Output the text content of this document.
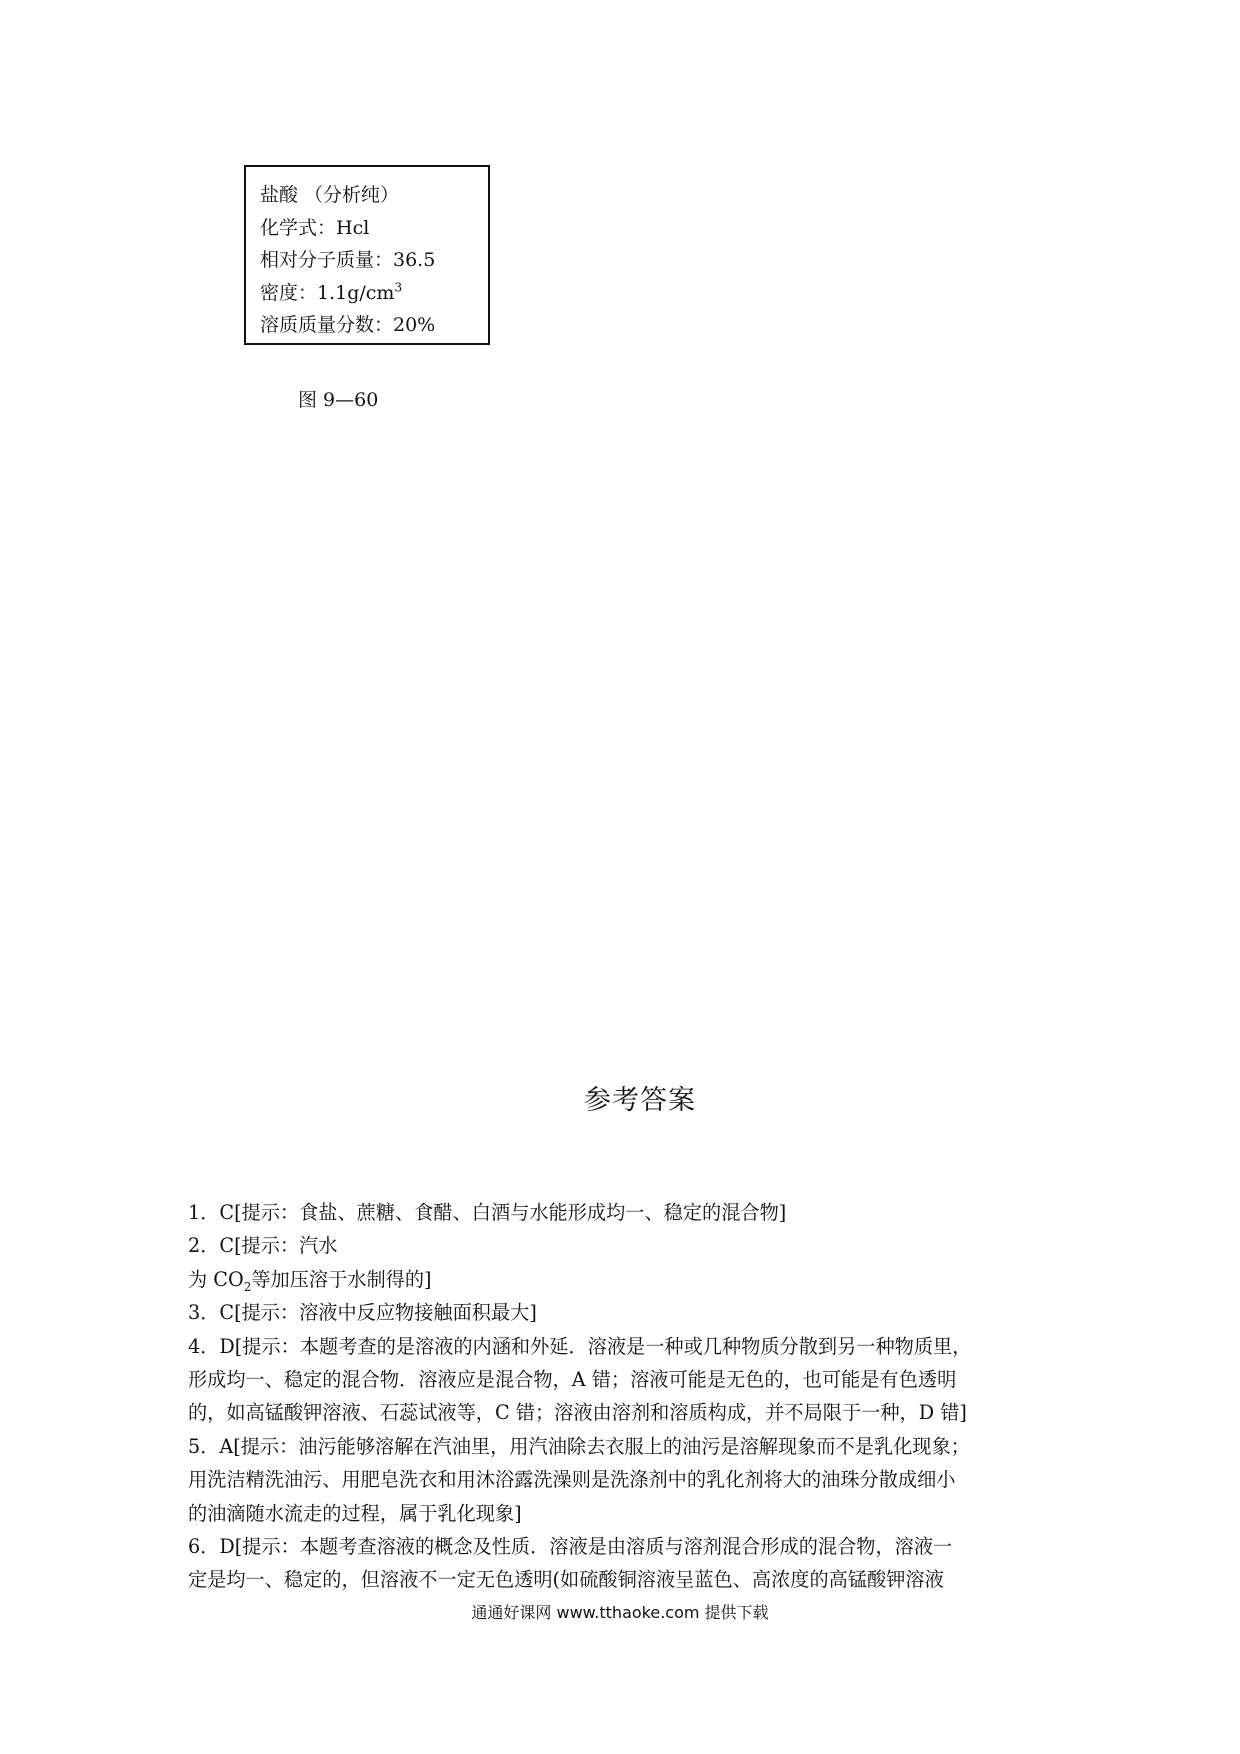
盐酸 （分析纯）
化学式：Hcl
相对分子质量：36.5
密度：$1.1g/cm^3$
溶质质量分数：20%
图 9—60
参考答案
1．C[提示：食盐、蔗糖、食醋、白酒与水能形成均一、稳定的混合物]
2．C[提示：汽水
为 $CO_2$等加压溶于水制得的]
3．C[提示：溶液中反应物接触面积最大]
4．D[提示：本题考查的是溶液的内涵和外延．溶液是一种或几种物质分散到另一种物质里，
形成均一、稳定的混合物．溶液应是混合物，A 错；溶液可能是无色的，也可能是有色透明
的，如高锰酸钾溶液、石蕊试液等，C 错；溶液由溶剂和溶质构成，并不局限于一种，D 错]
5．A[提示：油污能够溶解在汽油里，用汽油除去衣服上的油污是溶解现象而不是乳化现象；
用洗洁精洗油污、用肥皂洗衣和用沐浴露洗澡则是洗涤剂中的乳化剂将大的油珠分散成细小
的油滴随水流走的过程，属于乳化现象]
6．D[提示：本题考查溶液的概念及性质．溶液是由溶质与溶剂混合形成的混合物，溶液一
定是均一、稳定的，但溶液不一定无色透明(如硫酸铜溶液呈蓝色、高浓度的高锰酸钾溶液
通通好课网 www.tthaoke.com 提供下载
